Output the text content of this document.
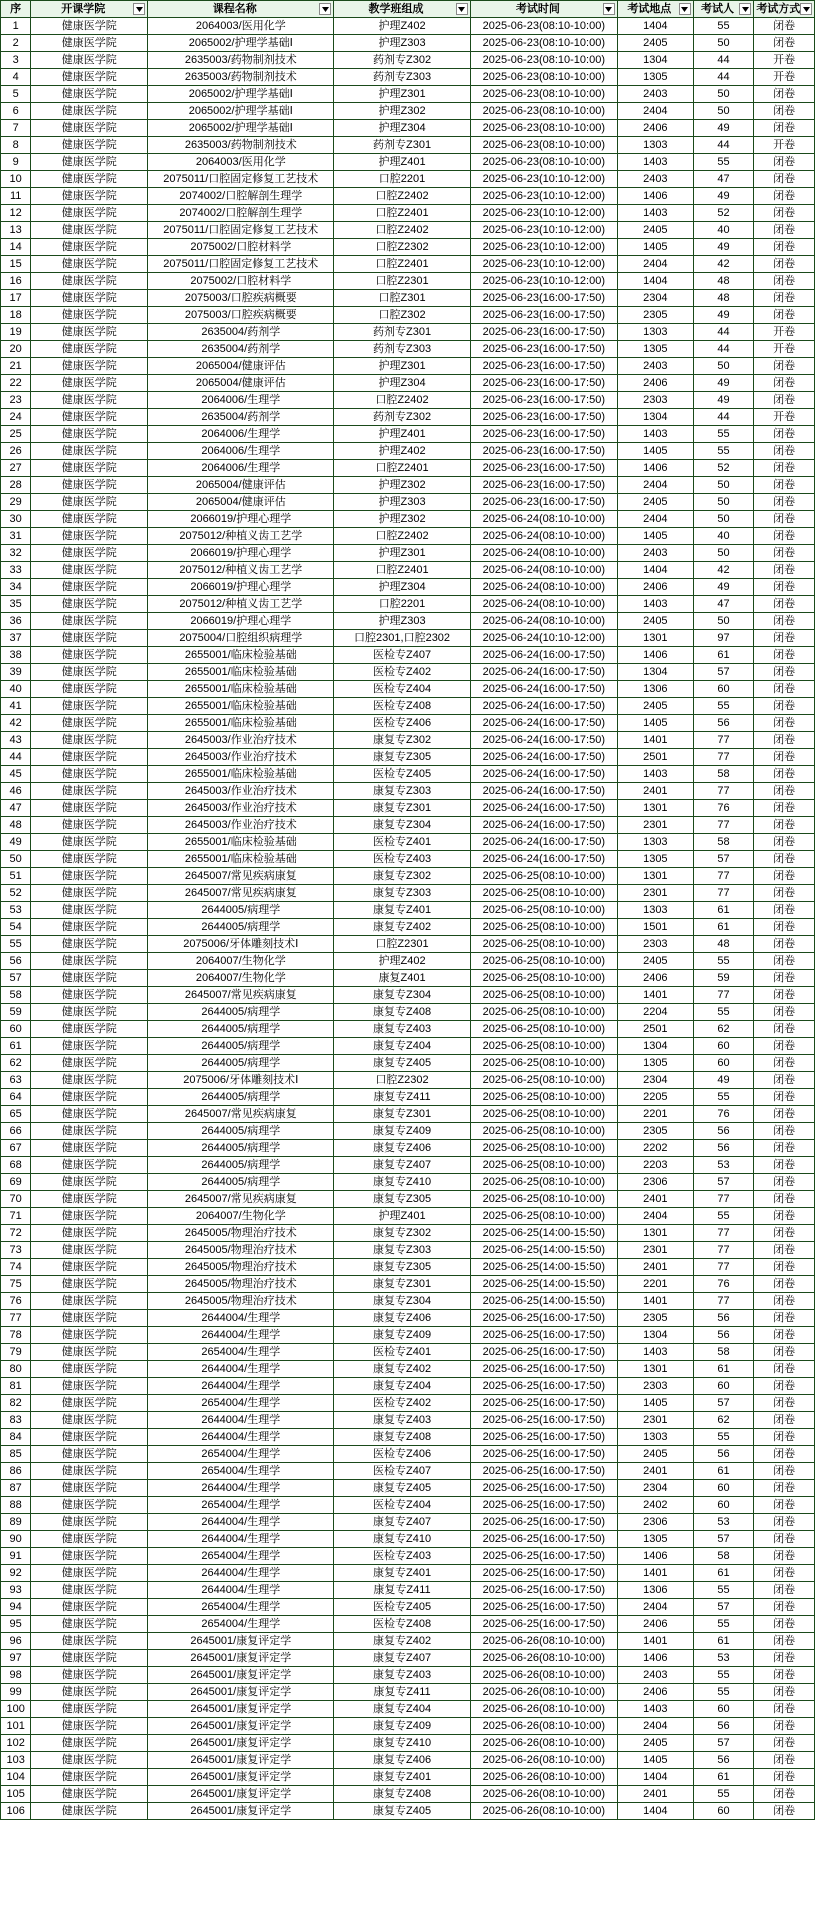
序	开课学院	课程名称	教学班组成	考试时间	考试地点	考试人	考试方式

1	健康医学院	2064003/医用化学	护理Z402	2025-06-23(08:10-10:00)	1404	55	闭卷
2	健康医学院	2065002/护理学基础Ⅰ	护理Z303	2025-06-23(08:10-10:00)	2405	50	闭卷
3	健康医学院	2635003/药物制剂技术	药剂专Z302	2025-06-23(08:10-10:00)	1304	44	开卷
4	健康医学院	2635003/药物制剂技术	药剂专Z303	2025-06-23(08:10-10:00)	1305	44	开卷
5	健康医学院	2065002/护理学基础Ⅰ	护理Z301	2025-06-23(08:10-10:00)	2403	50	闭卷
6	健康医学院	2065002/护理学基础Ⅰ	护理Z302	2025-06-23(08:10-10:00)	2404	50	闭卷
7	健康医学院	2065002/护理学基础Ⅰ	护理Z304	2025-06-23(08:10-10:00)	2406	49	闭卷
8	健康医学院	2635003/药物制剂技术	药剂专Z301	2025-06-23(08:10-10:00)	1303	44	开卷
9	健康医学院	2064003/医用化学	护理Z401	2025-06-23(08:10-10:00)	1403	55	闭卷
10	健康医学院	2075011/口腔固定修复工艺技术	口腔2201	2025-06-23(10:10-12:00)	2403	47	闭卷
11	健康医学院	2074002/口腔解剖生理学	口腔Z2402	2025-06-23(10:10-12:00)	1406	49	闭卷
12	健康医学院	2074002/口腔解剖生理学	口腔Z2401	2025-06-23(10:10-12:00)	1403	52	闭卷
13	健康医学院	2075011/口腔固定修复工艺技术	口腔Z2402	2025-06-23(10:10-12:00)	2405	40	闭卷
14	健康医学院	2075002/口腔材料学	口腔Z2302	2025-06-23(10:10-12:00)	1405	49	闭卷
15	健康医学院	2075011/口腔固定修复工艺技术	口腔Z2401	2025-06-23(10:10-12:00)	2404	42	闭卷
16	健康医学院	2075002/口腔材料学	口腔Z2301	2025-06-23(10:10-12:00)	1404	48	闭卷
17	健康医学院	2075003/口腔疾病概要	口腔Z301	2025-06-23(16:00-17:50)	2304	48	闭卷
18	健康医学院	2075003/口腔疾病概要	口腔Z302	2025-06-23(16:00-17:50)	2305	49	闭卷
19	健康医学院	2635004/药剂学	药剂专Z301	2025-06-23(16:00-17:50)	1303	44	开卷
20	健康医学院	2635004/药剂学	药剂专Z303	2025-06-23(16:00-17:50)	1305	44	开卷
21	健康医学院	2065004/健康评估	护理Z301	2025-06-23(16:00-17:50)	2403	50	闭卷
22	健康医学院	2065004/健康评估	护理Z304	2025-06-23(16:00-17:50)	2406	49	闭卷
23	健康医学院	2064006/生理学	口腔Z2402	2025-06-23(16:00-17:50)	2303	49	闭卷
24	健康医学院	2635004/药剂学	药剂专Z302	2025-06-23(16:00-17:50)	1304	44	开卷
25	健康医学院	2064006/生理学	护理Z401	2025-06-23(16:00-17:50)	1403	55	闭卷
26	健康医学院	2064006/生理学	护理Z402	2025-06-23(16:00-17:50)	1405	55	闭卷
27	健康医学院	2064006/生理学	口腔Z2401	2025-06-23(16:00-17:50)	1406	52	闭卷
28	健康医学院	2065004/健康评估	护理Z302	2025-06-23(16:00-17:50)	2404	50	闭卷
29	健康医学院	2065004/健康评估	护理Z303	2025-06-23(16:00-17:50)	2405	50	闭卷
30	健康医学院	2066019/护理心理学	护理Z302	2025-06-24(08:10-10:00)	2404	50	闭卷
31	健康医学院	2075012/种植义齿工艺学	口腔Z2402	2025-06-24(08:10-10:00)	1405	40	闭卷
32	健康医学院	2066019/护理心理学	护理Z301	2025-06-24(08:10-10:00)	2403	50	闭卷
33	健康医学院	2075012/种植义齿工艺学	口腔Z2401	2025-06-24(08:10-10:00)	1404	42	闭卷
34	健康医学院	2066019/护理心理学	护理Z304	2025-06-24(08:10-10:00)	2406	49	闭卷
35	健康医学院	2075012/种植义齿工艺学	口腔2201	2025-06-24(08:10-10:00)	1403	47	闭卷
36	健康医学院	2066019/护理心理学	护理Z303	2025-06-24(08:10-10:00)	2405	50	闭卷
37	健康医学院	2075004/口腔组织病理学	口腔2301,口腔2302	2025-06-24(10:10-12:00)	1301	97	闭卷
38	健康医学院	2655001/临床检验基础	医检专Z407	2025-06-24(16:00-17:50)	1406	61	闭卷
39	健康医学院	2655001/临床检验基础	医检专Z402	2025-06-24(16:00-17:50)	1304	57	闭卷
40	健康医学院	2655001/临床检验基础	医检专Z404	2025-06-24(16:00-17:50)	1306	60	闭卷
41	健康医学院	2655001/临床检验基础	医检专Z408	2025-06-24(16:00-17:50)	2405	55	闭卷
42	健康医学院	2655001/临床检验基础	医检专Z406	2025-06-24(16:00-17:50)	1405	56	闭卷
43	健康医学院	2645003/作业治疗技术	康复专Z302	2025-06-24(16:00-17:50)	1401	77	闭卷
44	健康医学院	2645003/作业治疗技术	康复专Z305	2025-06-24(16:00-17:50)	2501	77	闭卷
45	健康医学院	2655001/临床检验基础	医检专Z405	2025-06-24(16:00-17:50)	1403	58	闭卷
46	健康医学院	2645003/作业治疗技术	康复专Z303	2025-06-24(16:00-17:50)	2401	77	闭卷
47	健康医学院	2645003/作业治疗技术	康复专Z301	2025-06-24(16:00-17:50)	1301	76	闭卷
48	健康医学院	2645003/作业治疗技术	康复专Z304	2025-06-24(16:00-17:50)	2301	77	闭卷
49	健康医学院	2655001/临床检验基础	医检专Z401	2025-06-24(16:00-17:50)	1303	58	闭卷
50	健康医学院	2655001/临床检验基础	医检专Z403	2025-06-24(16:00-17:50)	1305	57	闭卷
51	健康医学院	2645007/常见疾病康复	康复专Z302	2025-06-25(08:10-10:00)	1301	77	闭卷
52	健康医学院	2645007/常见疾病康复	康复专Z303	2025-06-25(08:10-10:00)	2301	77	闭卷
53	健康医学院	2644005/病理学	康复专Z401	2025-06-25(08:10-10:00)	1303	61	闭卷
54	健康医学院	2644005/病理学	康复专Z402	2025-06-25(08:10-10:00)	1501	61	闭卷
55	健康医学院	2075006/牙体雕刻技术Ⅰ	口腔Z2301	2025-06-25(08:10-10:00)	2303	48	闭卷
56	健康医学院	2064007/生物化学	护理Z402	2025-06-25(08:10-10:00)	2405	55	闭卷
57	健康医学院	2064007/生物化学	康复Z401	2025-06-25(08:10-10:00)	2406	59	闭卷
58	健康医学院	2645007/常见疾病康复	康复专Z304	2025-06-25(08:10-10:00)	1401	77	闭卷
59	健康医学院	2644005/病理学	康复专Z408	2025-06-25(08:10-10:00)	2204	55	闭卷
60	健康医学院	2644005/病理学	康复专Z403	2025-06-25(08:10-10:00)	2501	62	闭卷
61	健康医学院	2644005/病理学	康复专Z404	2025-06-25(08:10-10:00)	1304	60	闭卷
62	健康医学院	2644005/病理学	康复专Z405	2025-06-25(08:10-10:00)	1305	60	闭卷
63	健康医学院	2075006/牙体雕刻技术Ⅰ	口腔Z2302	2025-06-25(08:10-10:00)	2304	49	闭卷
64	健康医学院	2644005/病理学	康复专Z411	2025-06-25(08:10-10:00)	2205	55	闭卷
65	健康医学院	2645007/常见疾病康复	康复专Z301	2025-06-25(08:10-10:00)	2201	76	闭卷
66	健康医学院	2644005/病理学	康复专Z409	2025-06-25(08:10-10:00)	2305	56	闭卷
67	健康医学院	2644005/病理学	康复专Z406	2025-06-25(08:10-10:00)	2202	56	闭卷
68	健康医学院	2644005/病理学	康复专Z407	2025-06-25(08:10-10:00)	2203	53	闭卷
69	健康医学院	2644005/病理学	康复专Z410	2025-06-25(08:10-10:00)	2306	57	闭卷
70	健康医学院	2645007/常见疾病康复	康复专Z305	2025-06-25(08:10-10:00)	2401	77	闭卷
71	健康医学院	2064007/生物化学	护理Z401	2025-06-25(08:10-10:00)	2404	55	闭卷
72	健康医学院	2645005/物理治疗技术	康复专Z302	2025-06-25(14:00-15:50)	1301	77	闭卷
73	健康医学院	2645005/物理治疗技术	康复专Z303	2025-06-25(14:00-15:50)	2301	77	闭卷
74	健康医学院	2645005/物理治疗技术	康复专Z305	2025-06-25(14:00-15:50)	2401	77	闭卷
75	健康医学院	2645005/物理治疗技术	康复专Z301	2025-06-25(14:00-15:50)	2201	76	闭卷
76	健康医学院	2645005/物理治疗技术	康复专Z304	2025-06-25(14:00-15:50)	1401	77	闭卷
77	健康医学院	2644004/生理学	康复专Z406	2025-06-25(16:00-17:50)	2305	56	闭卷
78	健康医学院	2644004/生理学	康复专Z409	2025-06-25(16:00-17:50)	1304	56	闭卷
79	健康医学院	2654004/生理学	医检专Z401	2025-06-25(16:00-17:50)	1403	58	闭卷
80	健康医学院	2644004/生理学	康复专Z402	2025-06-25(16:00-17:50)	1301	61	闭卷
81	健康医学院	2644004/生理学	康复专Z404	2025-06-25(16:00-17:50)	2303	60	闭卷
82	健康医学院	2654004/生理学	医检专Z402	2025-06-25(16:00-17:50)	1405	57	闭卷
83	健康医学院	2644004/生理学	康复专Z403	2025-06-25(16:00-17:50)	2301	62	闭卷
84	健康医学院	2644004/生理学	康复专Z408	2025-06-25(16:00-17:50)	1303	55	闭卷
85	健康医学院	2654004/生理学	医检专Z406	2025-06-25(16:00-17:50)	2405	56	闭卷
86	健康医学院	2654004/生理学	医检专Z407	2025-06-25(16:00-17:50)	2401	61	闭卷
87	健康医学院	2644004/生理学	康复专Z405	2025-06-25(16:00-17:50)	2304	60	闭卷
88	健康医学院	2654004/生理学	医检专Z404	2025-06-25(16:00-17:50)	2402	60	闭卷
89	健康医学院	2644004/生理学	康复专Z407	2025-06-25(16:00-17:50)	2306	53	闭卷
90	健康医学院	2644004/生理学	康复专Z410	2025-06-25(16:00-17:50)	1305	57	闭卷
91	健康医学院	2654004/生理学	医检专Z403	2025-06-25(16:00-17:50)	1406	58	闭卷
92	健康医学院	2644004/生理学	康复专Z401	2025-06-25(16:00-17:50)	1401	61	闭卷
93	健康医学院	2644004/生理学	康复专Z411	2025-06-25(16:00-17:50)	1306	55	闭卷
94	健康医学院	2654004/生理学	医检专Z405	2025-06-25(16:00-17:50)	2404	57	闭卷
95	健康医学院	2654004/生理学	医检专Z408	2025-06-25(16:00-17:50)	2406	55	闭卷
96	健康医学院	2645001/康复评定学	康复专Z402	2025-06-26(08:10-10:00)	1401	61	闭卷
97	健康医学院	2645001/康复评定学	康复专Z407	2025-06-26(08:10-10:00)	1406	53	闭卷
98	健康医学院	2645001/康复评定学	康复专Z403	2025-06-26(08:10-10:00)	2403	55	闭卷
99	健康医学院	2645001/康复评定学	康复专Z411	2025-06-26(08:10-10:00)	2406	55	闭卷
100	健康医学院	2645001/康复评定学	康复专Z404	2025-06-26(08:10-10:00)	1403	60	闭卷
101	健康医学院	2645001/康复评定学	康复专Z409	2025-06-26(08:10-10:00)	2404	56	闭卷
102	健康医学院	2645001/康复评定学	康复专Z410	2025-06-26(08:10-10:00)	2405	57	闭卷
103	健康医学院	2645001/康复评定学	康复专Z406	2025-06-26(08:10-10:00)	1405	56	闭卷
104	健康医学院	2645001/康复评定学	康复专Z401	2025-06-26(08:10-10:00)	1404	61	闭卷
105	健康医学院	2645001/康复评定学	康复专Z408	2025-06-26(08:10-10:00)	2401	55	闭卷
106	健康医学院	2645001/康复评定学	康复专Z405	2025-06-26(08:10-10:00)	1404	60	闭卷
